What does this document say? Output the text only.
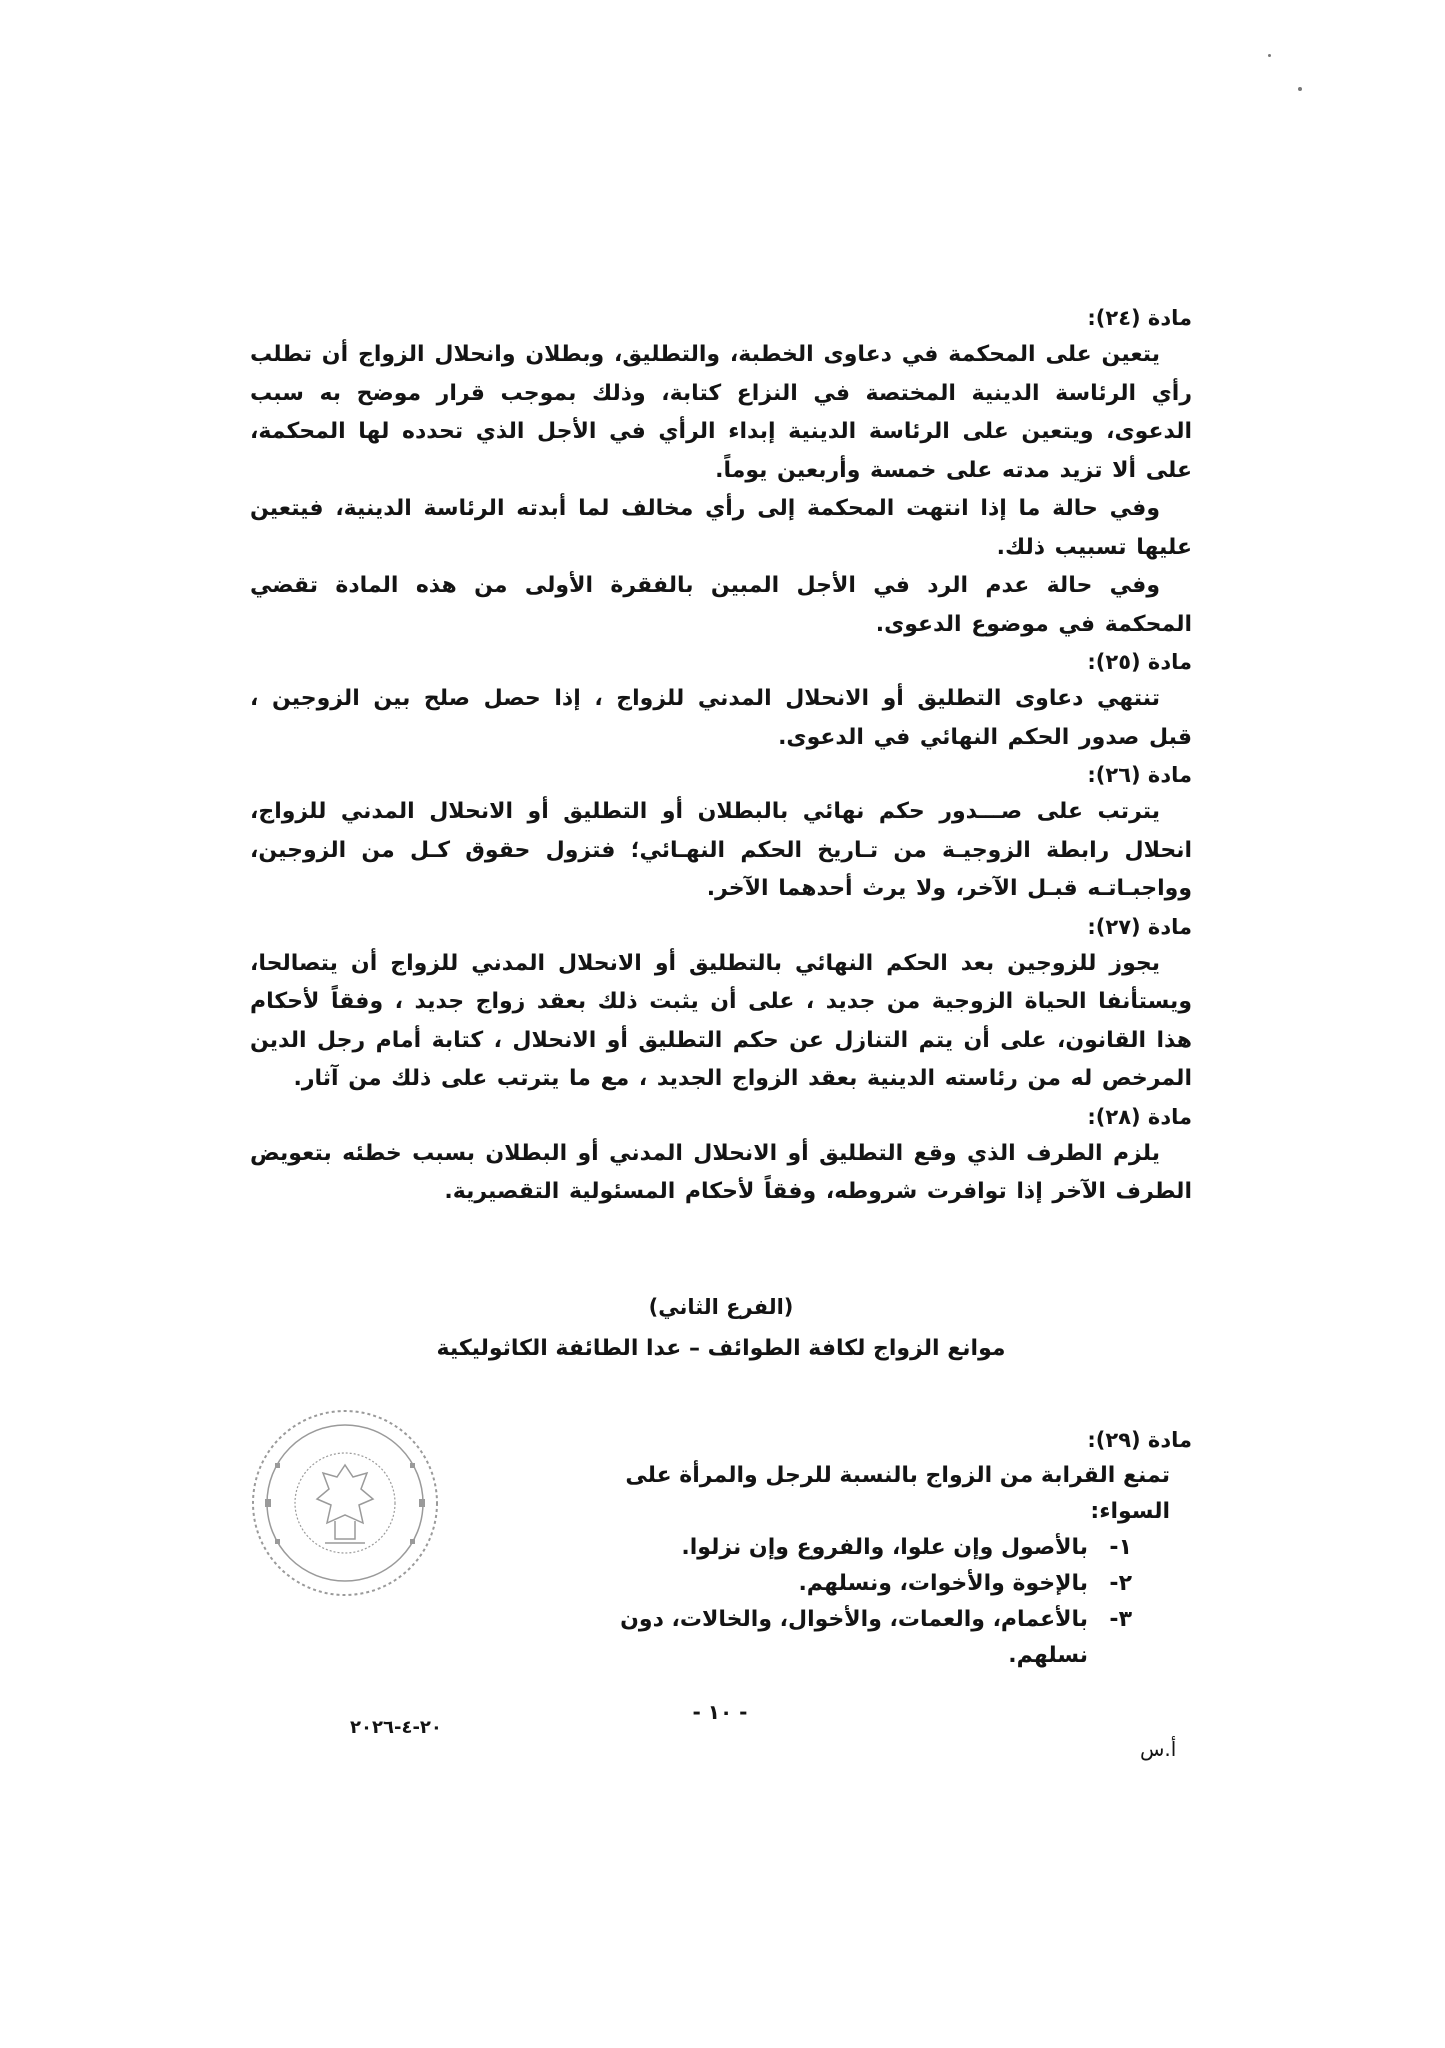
مادة (٢٤):

يتعين على المحكمة في دعاوى الخطبة، والتطليق، وبطلان وانحلال الزواج أن تطلب رأي الرئاسة الدينية المختصة في النزاع كتابة، وذلك بموجب قرار موضح به سبب الدعوى، ويتعين على الرئاسة الدينية إبداء الرأي في الأجل الذي تحدده لها المحكمة، على ألا تزيد مدته على خمسة وأربعين يوماً.

وفي حالة ما إذا انتهت المحكمة إلى رأي مخالف لما أبدته الرئاسة الدينية، فيتعين عليها تسبيب ذلك.

وفي حالة عدم الرد في الأجل المبين بالفقرة الأولى من هذه المادة تقضي المحكمة في موضوع الدعوى.

مادة (٢٥):

تنتهي دعاوى التطليق أو الانحلال المدني للزواج ، إذا حصل صلح بين الزوجين ، قبل صدور الحكم النهائي في الدعوى.

مادة (٢٦):

يترتب على صـــدور حكم نهائي بالبطلان أو التطليق أو الانحلال المدني للزواج، انحلال رابطة الزوجيـة من تـاريخ الحكم النهـائي؛ فتزول حقوق كـل من الزوجين، وواجبـاتـه قبـل الآخر، ولا يرث أحدهما الآخر.

مادة (٢٧):

يجوز للزوجين بعد الحكم النهائي بالتطليق أو الانحلال المدني للزواج أن يتصالحا، ويستأنفا الحياة الزوجية من جديد ، على أن يثبت ذلك بعقد زواج جديد ، وفقاً لأحكام هذا القانون، على أن يتم التنازل عن حكم التطليق أو الانحلال ، كتابة أمام رجل الدين المرخص له من رئاسته الدينية بعقد الزواج الجديد ، مع ما يترتب على ذلك من آثار.

مادة (٢٨):

يلزم الطرف الذي وقع التطليق أو الانحلال المدني أو البطلان بسبب خطئه بتعويض الطرف الآخر إذا توافرت شروطه، وفقاً لأحكام المسئولية التقصيرية.

(الفرع الثاني)
موانع الزواج لكافة الطوائف – عدا الطائفة الكاثوليكية

مادة (٢٩):

تمنع القرابة من الزواج بالنسبة للرجل والمرأة على السواء:

١-
بالأصول وإن علوا، والفروع وإن نزلوا.
٢-
بالإخوة والأخوات، ونسلهم.
٣-
بالأعمام، والعمات، والأخوال، والخالات، دون نسلهم.
- ١٠ -
٢٠-٤-٢٠٢٦
أ.س
